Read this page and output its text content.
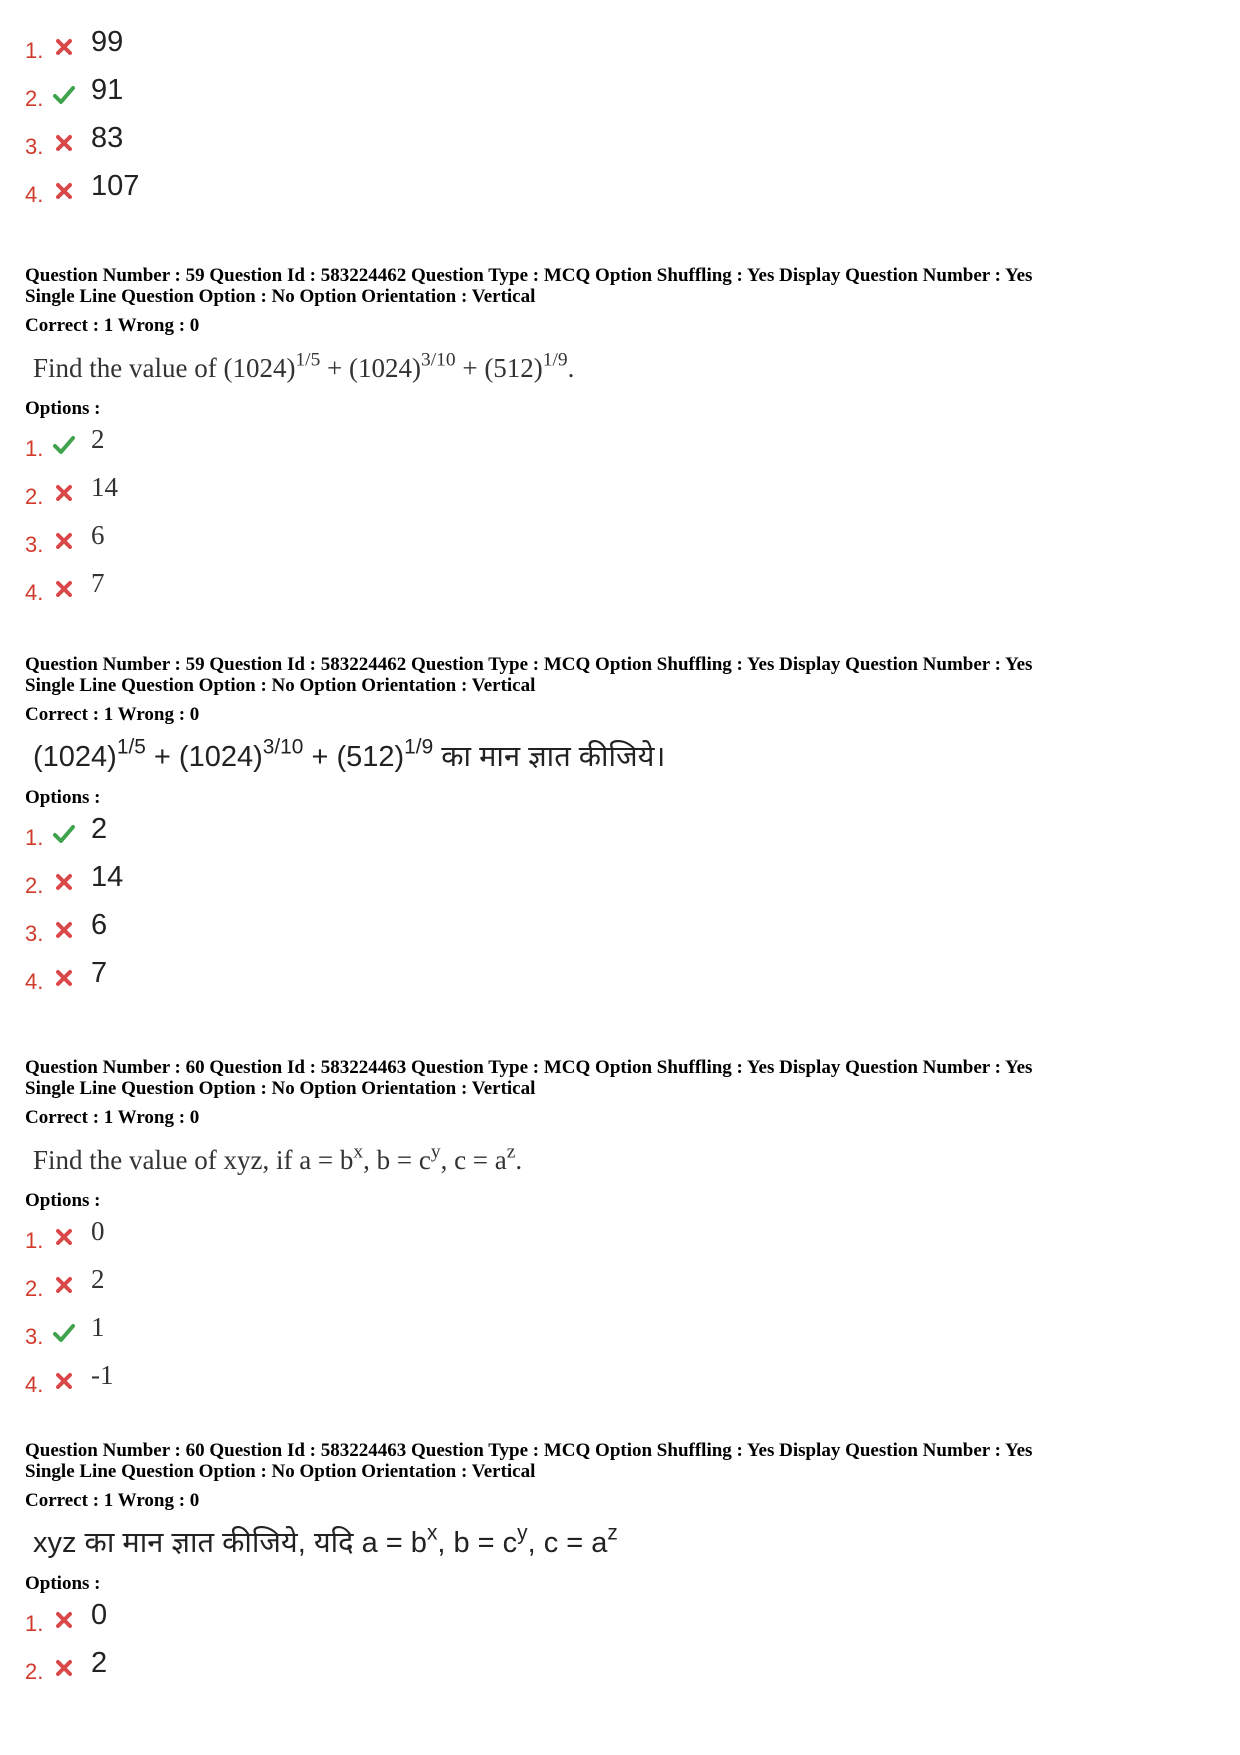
1. 99
2. 91
3. 83
4. 107

Question Number : 59 Question Id : 583224462 Question Type : MCQ Option Shuffling : Yes Display Question Number : Yes

Single Line Question Option : No Option Orientation : Vertical

Correct : 1 Wrong : 0

Find the value of $(1024)^{1/5} + (1024)^{3/10} + (512)^{1/9}$.

Options :

1. 2
2. 14
3. 6
4. 7

Question Number : 59 Question Id : 583224462 Question Type : MCQ Option Shuffling : Yes Display Question Number : Yes

Single Line Question Option : No Option Orientation : Vertical

Correct : 1 Wrong : 0

$(1024)^{1/5} + (1024)^{3/10} + (512)^{1/9}$ का मान ज्ञात कीजिये।

Options :

1. 2
2. 14
3. 6
4. 7

Question Number : 60 Question Id : 583224463 Question Type : MCQ Option Shuffling : Yes Display Question Number : Yes

Single Line Question Option : No Option Orientation : Vertical

Correct : 1 Wrong : 0

Find the value of xyz, if $a = b^x$, $b = c^y$, $c = a^z$.

Options :

1. 0
2. 2
3. 1
4. -1

Question Number : 60 Question Id : 583224463 Question Type : MCQ Option Shuffling : Yes Display Question Number : Yes

Single Line Question Option : No Option Orientation : Vertical

Correct : 1 Wrong : 0

xyz का मान ज्ञात कीजिये, यदि $a = b^x$, $b = c^y$, $c = a^z$

Options :

1. 0
2. 2
